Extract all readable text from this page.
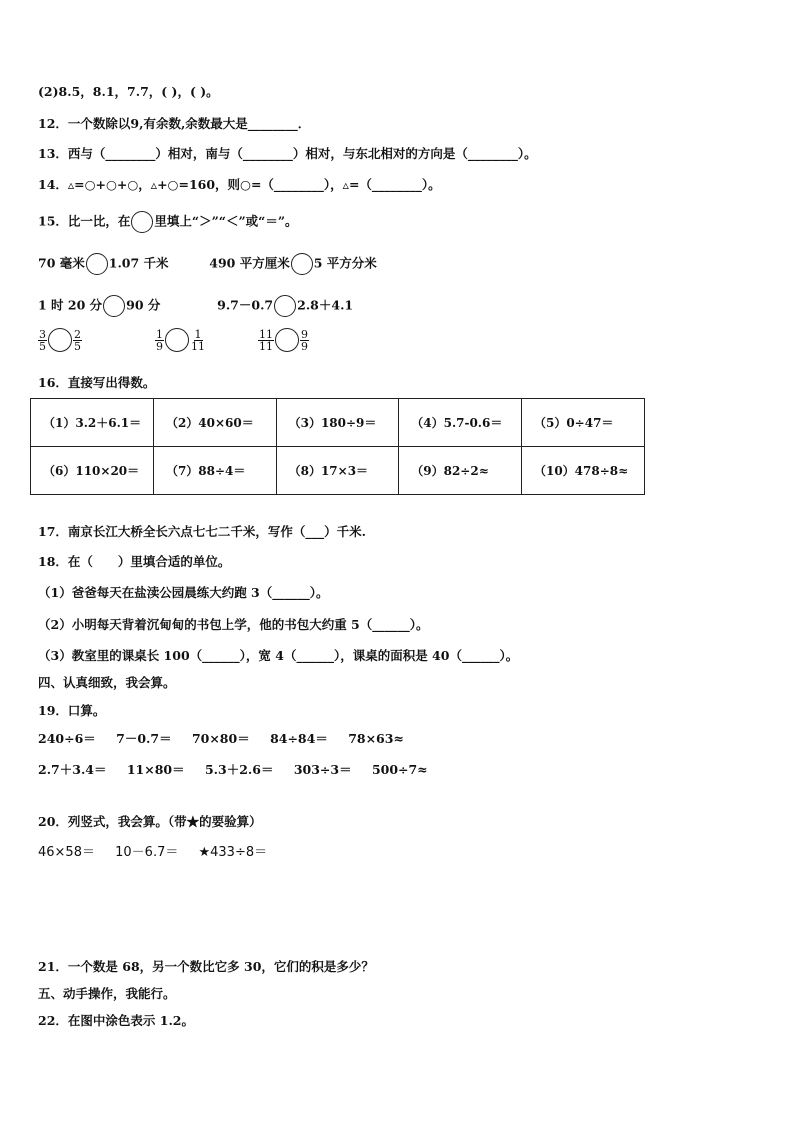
(2)8.5，8.1，7.7，( )，( )。
12．一个数除以9,有余数,余数最大是________．
13．西与（________）相对，南与（________）相对，与东北相对的方向是（________）。
14．▵=○+○+○，▵+○=160，则○=（________），▵=（________）。
15．比一比，在 里填上“＞”“＜”或“＝”。
70 毫米 1.07 千米	490 平方厘米 5 平方分米
1 时 20 分 90 分	9.7－0.7 2.8＋4.1
$\frac{3}{5} \frac{2}{5}$	$\frac{1}{9} \frac{1}{11}$	$\frac{11}{11} \frac{9}{9}$
16．直接写出得数。
（1）3.2＋6.1＝	（2）40×60＝	（3）180÷9＝	（4）5.7-0.6＝	（5）0÷47＝
（6）110×20＝	（7）88÷4＝	（8）17×3＝	（9）82÷2≈	（10）478÷8≈
17．南京长江大桥全长六点七七二千米，写作（___）千米.
18．在（　　）里填合适的单位。
（1）爸爸每天在盐渎公园晨练大约跑 3（______）。
（2）小明每天背着沉甸甸的书包上学，他的书包大约重 5（______）。
（3）教室里的课桌长 100（______），宽 4（______），课桌的面积是 40（______）。
四、认真细致，我会算。
19．口算。
240÷6＝ 7－0.7＝ 70×80＝ 84÷84＝ 78×63≈
2.7＋3.4＝ 11×80＝ 5.3＋2.6＝ 303÷3＝ 500÷7≈
20．列竖式，我会算。（带★的要验算）
46×58＝ 10－6.7＝ ★433÷8＝
21．一个数是 68，另一个数比它多 30，它们的积是多少？
五、动手操作，我能行。
22．在图中涂色表示 1.2。
